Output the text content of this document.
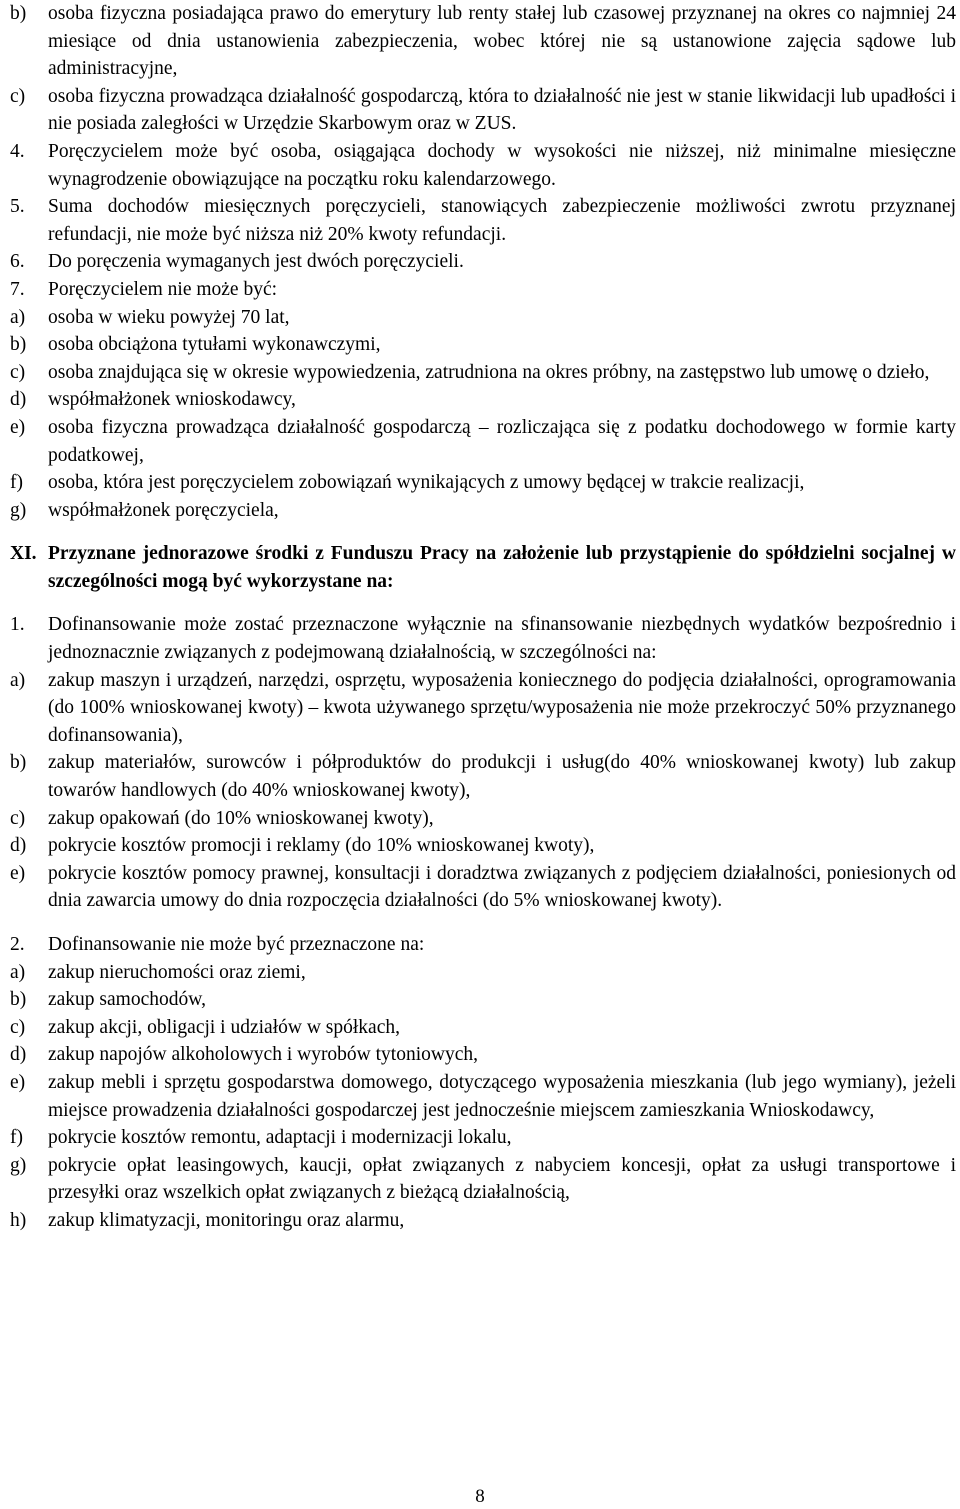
b)	osoba fizyczna posiadająca prawo do emerytury lub renty stałej lub czasowej przyznanej na okres co najmniej 24 miesiące od dnia ustanowienia zabezpieczenia, wobec której nie są ustanowione zajęcia sądowe lub administracyjne,
c)	osoba fizyczna prowadząca działalność gospodarczą, która to działalność nie jest w stanie likwidacji lub upadłości i nie posiada zaległości w Urzędzie Skarbowym oraz w ZUS.
4.	Poręczycielem może być osoba, osiągająca dochody w wysokości nie niższej, niż minimalne miesięczne wynagrodzenie obowiązujące na początku roku kalendarzowego.
5.	Suma dochodów miesięcznych poręczycieli, stanowiących zabezpieczenie możliwości zwrotu przyznanej refundacji, nie może być niższa niż 20% kwoty refundacji.
6.	Do poręczenia wymaganych jest dwóch poręczycieli.
7.	Poręczycielem nie może być:
a)	osoba w wieku powyżej 70 lat,
b)	osoba obciążona tytułami wykonawczymi,
c)	osoba znajdująca się w okresie wypowiedzenia, zatrudniona na okres próbny, na zastępstwo lub umowę o dzieło,
d)	współmałżonek wnioskodawcy,
e)	osoba fizyczna prowadząca działalność gospodarczą – rozliczająca się z podatku dochodowego w formie karty podatkowej,
f)	osoba, która jest poręczycielem zobowiązań wynikających z umowy będącej w trakcie realizacji,
g)	współmałżonek poręczyciela,
XI. Przyznane jednorazowe środki z Funduszu Pracy na założenie lub przystąpienie do spółdzielni socjalnej w szczególności mogą być wykorzystane na:
1.	Dofinansowanie może zostać przeznaczone wyłącznie na sfinansowanie niezbędnych wydatków bezpośrednio i jednoznacznie związanych z podejmowaną działalnością, w szczególności na:
a)	zakup maszyn i urządzeń, narzędzi, osprzętu, wyposażenia koniecznego do podjęcia działalności, oprogramowania (do 100% wnioskowanej kwoty) – kwota używanego sprzętu/wyposażenia nie może przekroczyć 50% przyznanego dofinansowania),
b)	zakup materiałów, surowców i półproduktów do produkcji i usług(do 40% wnioskowanej kwoty) lub zakup towarów handlowych (do 40% wnioskowanej kwoty),
c)	zakup opakowań (do 10% wnioskowanej kwoty),
d)	pokrycie kosztów promocji i reklamy (do 10% wnioskowanej kwoty),
e)	pokrycie kosztów pomocy prawnej, konsultacji i doradztwa związanych z podjęciem działalności, poniesionych od dnia zawarcia umowy do dnia rozpoczęcia działalności (do 5% wnioskowanej kwoty).
2.	Dofinansowanie nie może być przeznaczone na:
a)	zakup nieruchomości oraz ziemi,
b)	zakup samochodów,
c)	zakup akcji, obligacji i udziałów w spółkach,
d)	zakup napojów alkoholowych i wyrobów tytoniowych,
e)	zakup mebli i sprzętu gospodarstwa domowego, dotyczącego wyposażenia mieszkania (lub jego wymiany), jeżeli miejsce prowadzenia działalności gospodarczej jest jednocześnie miejscem zamieszkania Wnioskodawcy,
f)	pokrycie kosztów remontu, adaptacji i modernizacji lokalu,
g)	pokrycie opłat leasingowych, kaucji, opłat związanych z nabyciem koncesji, opłat za usługi transportowe i przesyłki oraz wszelkich opłat związanych z bieżącą działalnością,
h)	zakup klimatyzacji, monitoringu oraz alarmu,
8
